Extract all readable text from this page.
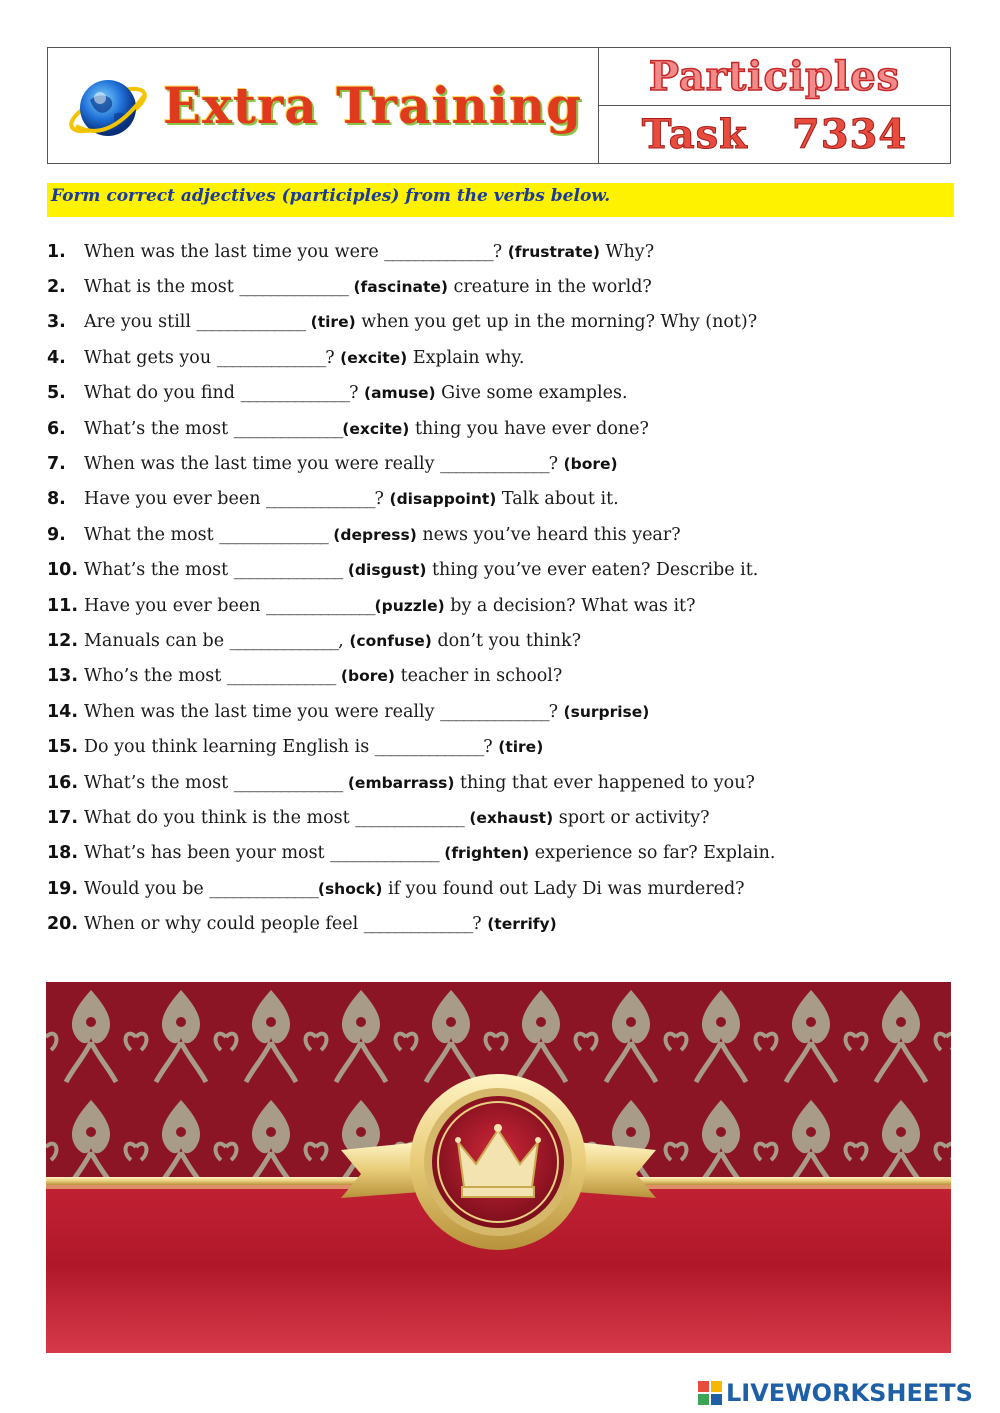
Extra Training Participles
Task 7334
Form correct adjectives (participles) from the verbs below.
1.	When was the last time you were ______________ ? (frustrate) Why?
2.	What is the most ______________
(fascinate) creature in the world?
3.	Are you still ______________
(tire) when you get up in the morning? Why (not)?
4.	What gets you ______________ ? (excite) Explain why.
5.	What do you find ______________ ? (amuse) Give some examples.
6.	What’s the most ______________ (excite) thing you have ever done?
7.	When was the last time you were really ______________ ? (bore)
8.	Have you ever been ______________ ? (disappoint) Talk about it.
9.	What the most ______________
(depress) news you’ve heard this year?
10. What’s the most ______________
(disgust) thing you’ve ever eaten? Describe it.
11. Have you ever been ______________ (puzzle) by a decision? What was it?
12. Manuals can be ______________ , (confuse) don’t you think?
13. Who’s the most ______________
(bore) teacher in school?
14. When was the last time you were really ______________ ? (surprise)
15. Do you think learning English is ______________ ? (tire)
16. What’s the most ______________
(embarrass) thing that ever happened to you?
17. What do you think is the most ______________
(exhaust) sport or activity?
18. What’s has been your most ______________
(frighten) experience so far? Explain.
19. Would you be ______________ (shock) if you found out Lady Di was murdered?
20. When or why could people feel ______________ ? (terrify)
LIVEWORKSHEETS
